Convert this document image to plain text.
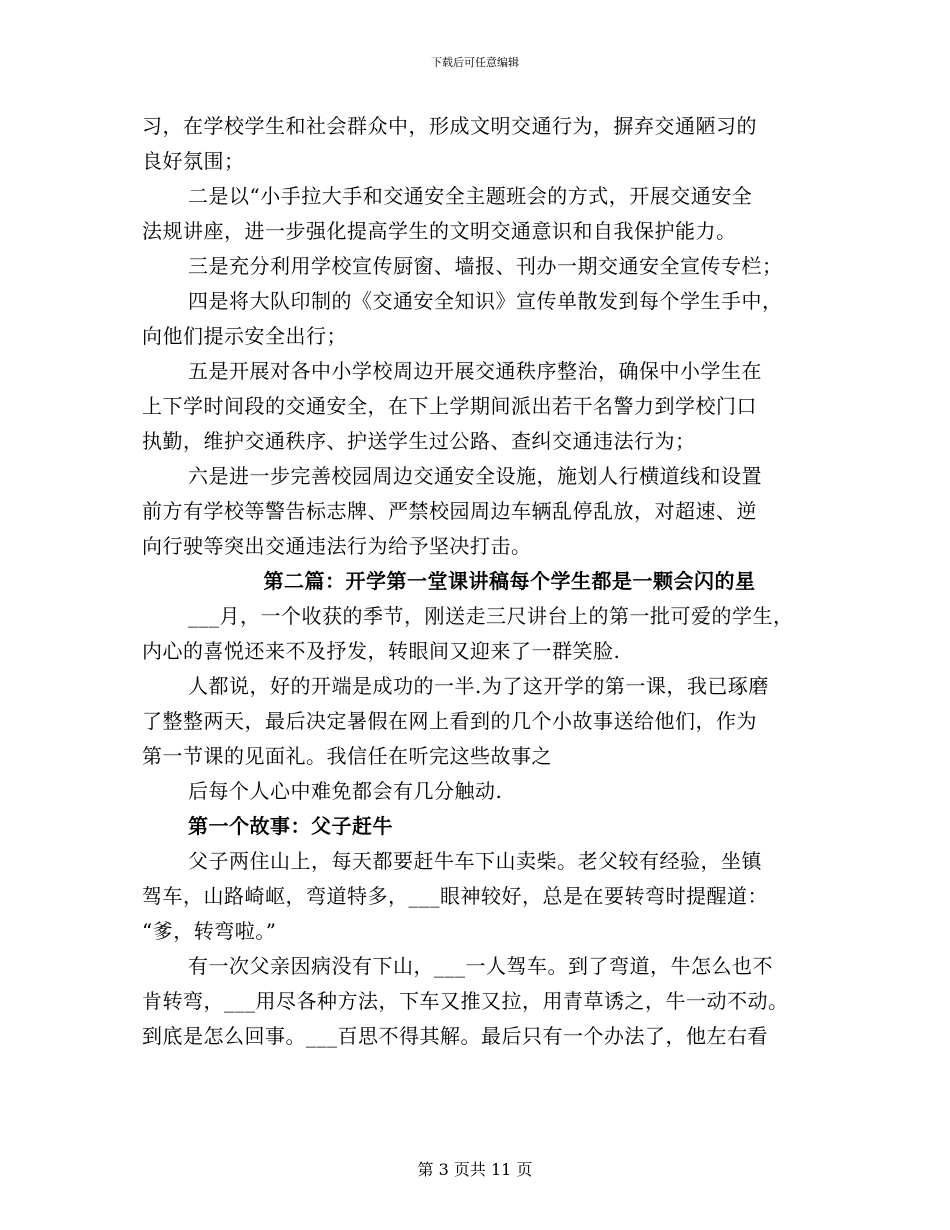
下载后可任意编辑
习，在学校学生和社会群众中，形成文明交通行为，摒弃交通陋习的
良好氛围；
二是以“小手拉大手和交通安全主题班会的方式，开展交通安全
法规讲座，进一步强化提高学生的文明交通意识和自我保护能力。
三是充分利用学校宣传厨窗、墙报、刊办一期交通安全宣传专栏；
四是将大队印制的《交通安全知识》宣传单散发到每个学生手中，
向他们提示安全出行；
五是开展对各中小学校周边开展交通秩序整治，确保中小学生在
上下学时间段的交通安全，在下上学期间派出若干名警力到学校门口
执勤，维护交通秩序、护送学生过公路、查纠交通违法行为；
六是进一步完善校园周边交通安全设施，施划人行横道线和设置
前方有学校等警告标志牌、严禁校园周边车辆乱停乱放，对超速、逆
向行驶等突出交通违法行为给予坚决打击。
第二篇：开学第一堂课讲稿每个学生都是一颗会闪的星
___月，一个收获的季节，刚送走三尺讲台上的第一批可爱的学生，
内心的喜悦还来不及抒发，转眼间又迎来了一群笑脸.
人都说，好的开端是成功的一半.为了这开学的第一课，我已琢磨
了整整两天，最后决定暑假在网上看到的几个小故事送给他们，作为
第一节课的见面礼。我信任在听完这些故事之
后每个人心中难免都会有几分触动.
第一个故事：父子赶牛
父子两住山上，每天都要赶牛车下山卖柴。老父较有经验，坐镇
驾车，山路崎岖，弯道特多，___眼神较好，总是在要转弯时提醒道：
“爹，转弯啦。”
有一次父亲因病没有下山，___一人驾车。到了弯道，牛怎么也不
肯转弯，___用尽各种方法，下车又推又拉，用青草诱之，牛一动不动。
到底是怎么回事。___百思不得其解。最后只有一个办法了，他左右看
第 3 页共 11 页
